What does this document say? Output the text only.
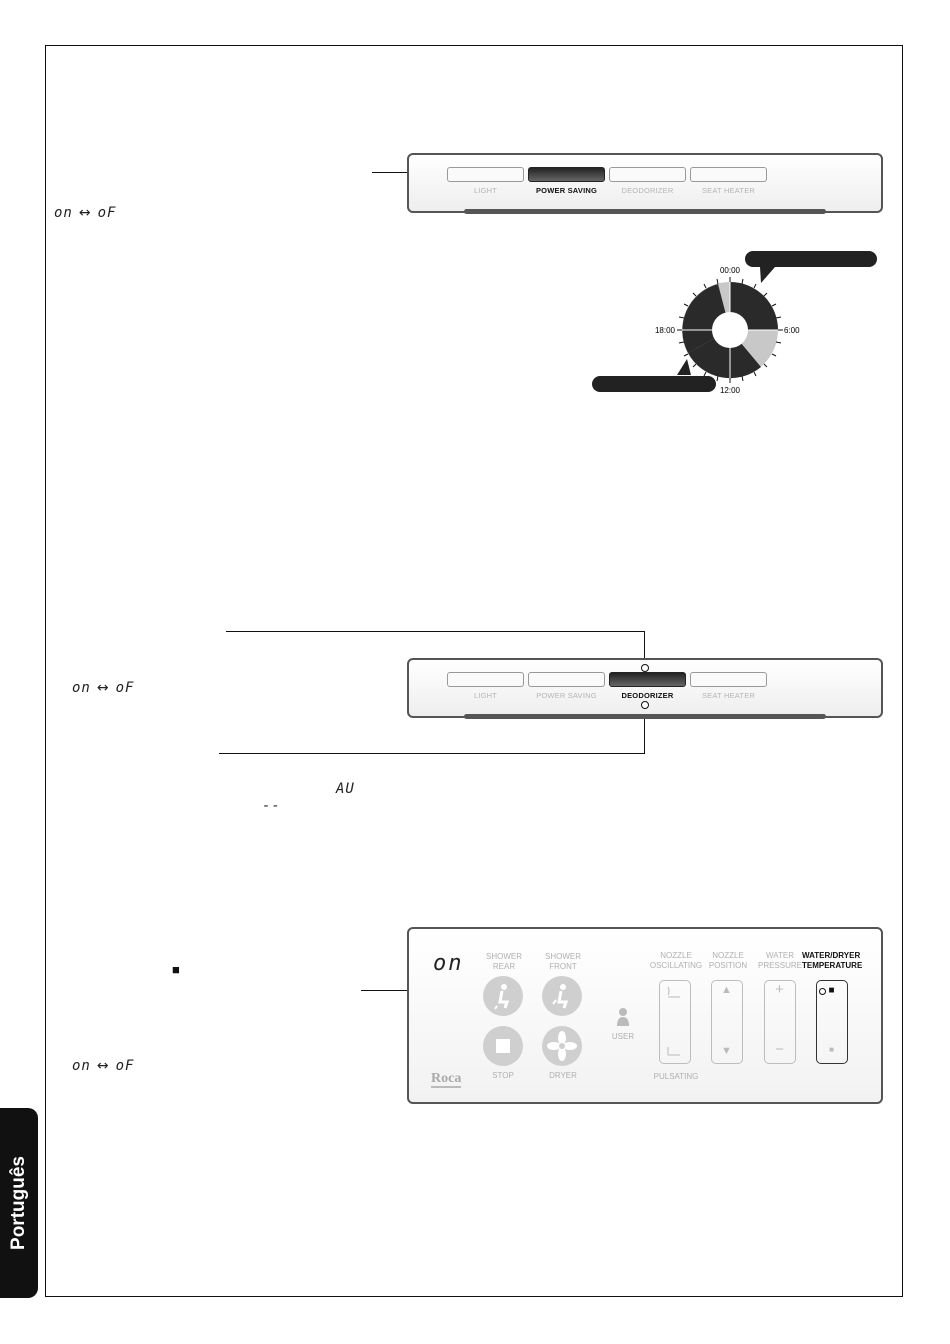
Português
on ↔ oF
LIGHT	POWER SAVING	DEODORIZER	SEAT HEATER
00:00
6:00
12:00
18:00
on ↔ oF	LIGHT	POWER SAVING	DEODORIZER	SEAT HEATER
AU
--
■
on ↔ oF
on	SHOWER
REAR
SHOWER
FRONT
STOP	DRYER
USER
NOZZLE
OSCILLATING
NOZZLE
POSITION
WATER
PRESSURE
WATER/DRYER
TEMPERATURE
PULSATING
▲
▼
+
−
■
■
Roca
